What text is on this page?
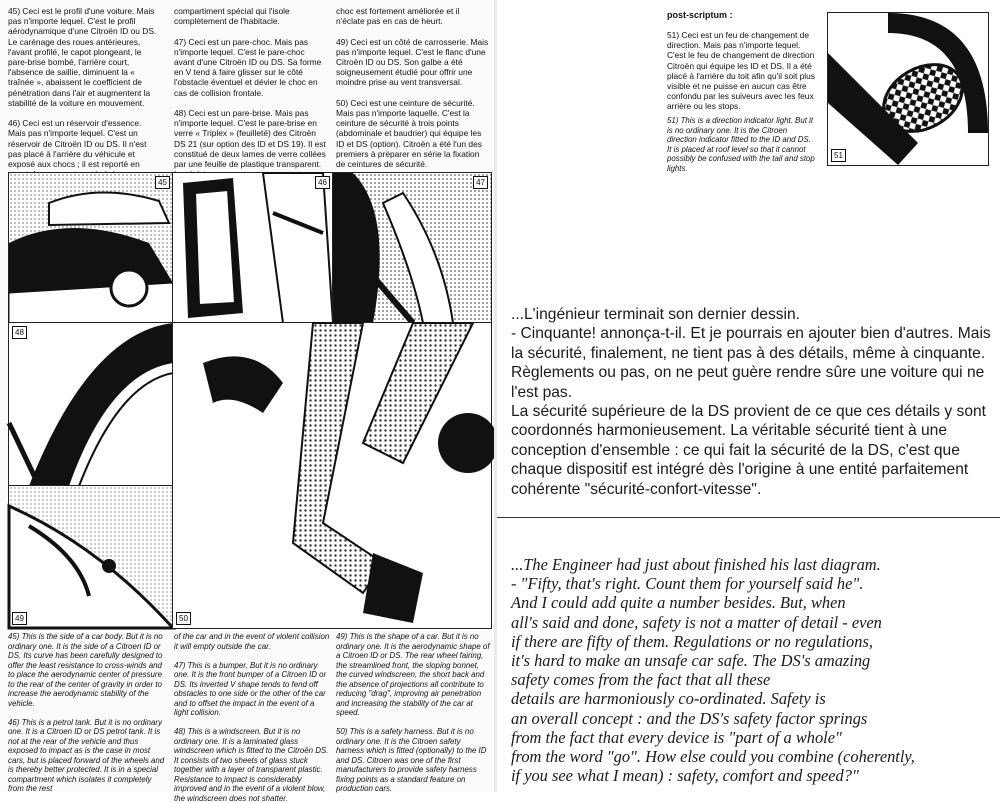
45) Ceci est le profil d'une voiture. Mais pas n'importe lequel. C'est le profil aérodynamique d'une Citroën ID ou DS. Le carénage des roues antérieures, l'avant profilé, le capot plongeant, le pare-brise bombé, l'arrière court, l'absence de saillie, diminuent la « traînée », abaissent le coefficient de pénétration dans l'air et augmentent la stabilité de la voiture en mouvement.

46) Ceci est un réservoir d'essence. Mais pas n'importe lequel. C'est un réservoir de Citroën ID ou DS. Il n'est pas placé à l'arrière du véhicule et exposé aux chocs ; il est reporté en
compartiment spécial qui l'isole complètement de l'habitacle.

47) Ceci est un pare-choc. Mais pas n'importe lequel. C'est le pare-choc avant d'une Citroën ID ou DS. Sa forme en V tend à faire glisser sur le côté l'obstacle éventuel et dévier le choc en cas de collision frontale.

48) Ceci est un pare-brise. Mais pas n'importe lequel. C'est le pare-brise en verre « Triplex » (feuilleté) des Citroën DS 21 (sur option des ID et DS 19). Il est constitué de deux lames de verre collées par une feuille de plastique transparent.
choc est fortement améliorée et il n'éclate pas en cas de heurt.

49) Ceci est un côté de carrosserie. Mais pas n'importe lequel. C'est le flanc d'une Citroën ID ou DS. Son galbe a été soigneusement étudié pour offrir une moindre prise au vent transversal.

50) Ceci est une ceinture de sécurité. Mais pas n'importe laquelle. C'est la ceinture de sécurité à trois points (abdominale et baudrier) qui équipe les ID et DS (option). Citroën a été l'un des premiers à préparer en série la fixation de ceintures de sécurité.
45	46	47
48
49	50
45) This is the side of a car body. But it is no ordinary one. It is the side of a Citroen ID or DS. Its curve has been carefully designed to offer the least resistance to cross-winds and to place the aerodynamic center of pressure to the rear of the center of gravity in order to increase the aerodynamic stability of the vehicle.

46) This is a petrol tank. But it is no ordinary one. It is a Citroen ID or DS petrol tank. It is not at the rear of the vehicle and thus exposed to impact as is the case in most cars, but is placed forward of the wheels and is thereby better protected. It is in a special compartment which isolates it completely from the rest
of the car and in the event of violent collision it will empty outside the car.

47) This is a bumper. But it is no ordinary one. It is the front bumper of a Citroen ID or DS. Its inverted V shape tends to fend off obstacles to one side or the other of the car and to offset the impact in the event of a light collision.

48) This is a windscreen. But it is no ordinary one. It is a laminated glass windscreen which is fitted to the Citroën DS. It consists of two sheets of glass stuck together with a layer of transparent plastic. Resistance to impact is considerably improved and in the event of a violent blow, the windscreen does not shatter.
49) This is the shape of a car. But it is no ordinary one. It is the aerodynamic shape of a Citroen ID or DS. The rear wheel fairing, the streamlined front, the sloping bonnet, the curved windscreen, the short back and the absence of projections all contribute to reducing "drag", improving air penetration and increasing the stability of the car at speed.

50) This is a safety harness. But it is no ordinary one. It is the Citroen safety harness which is fitted (optionally) to the ID and DS. Citroen was one of the first manufacturers to provide safety harness fixing points as a standard feature on production cars.
post-scriptum :
51) Ceci est un feu de changement de direction. Mais pas n'importe lequel. C'est le feu de changement de direction Citroën qui équipe les ID et DS. Il a été placé à l'arrière du toit afin qu'il soit plus visible et ne puisse en aucun cas être confondu par les suiveurs avec les feux arrière ou les stops.
51) This is a direction indicator light. But it is no ordinary one. It is the Citroen direction indicator fitted to the ID and DS. It is placed at roof level so that it cannot possibly be confused with the tail and stop lights.
51
...L'ingénieur terminait son dernier dessin.
- Cinquante! annonça-t-il. Et je pourrais en ajouter bien d'autres. Mais la sécurité, finalement, ne tient pas à des détails, même à cinquante. Règlements ou pas, on ne peut guère rendre sûre une voiture qui ne l'est pas.
La sécurité supérieure de la DS provient de ce que ces détails y sont coordonnés harmonieusement. La véritable sécurité tient à une conception d'ensemble : ce qui fait la sécurité de la DS, c'est que chaque dispositif est intégré dès l'origine à une entité parfaitement cohérente "sécurité-confort-vitesse".
...The Engineer had just about finished his last diagram.
- "Fifty, that's right. Count them for yourself said he".
And I could add quite a number besides. But, when
all's said and done, safety is not a matter of detail - even
if there are fifty of them. Regulations or no regulations,
it's hard to make an unsafe car safe. The DS's amazing
safety comes from the fact that all these
details are harmoniously co-ordinated. Safety is
an overall concept : and the DS's safety factor springs
from the fact that every device is "part of a whole"
from the word "go". How else could you combine (coherently,
if you see what I mean) : safety, comfort and speed?"
